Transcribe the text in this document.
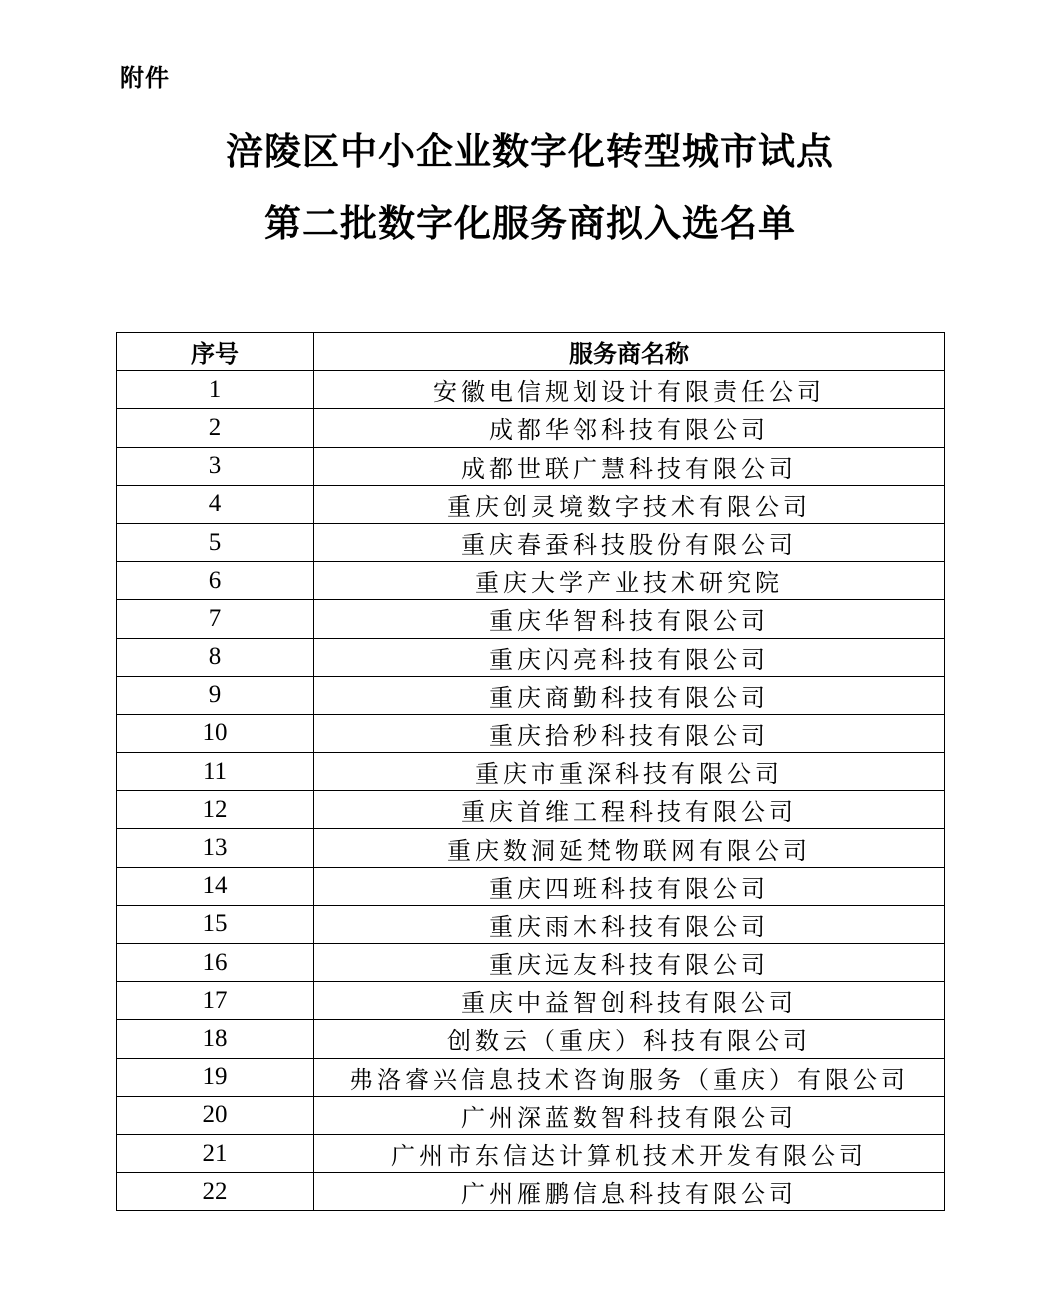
附件
涪陵区中小企业数字化转型城市试点
第二批数字化服务商拟入选名单
序号	服务商名称
1	安徽电信规划设计有限责任公司
2	成都华邻科技有限公司
3	成都世联广慧科技有限公司
4	重庆创灵境数字技术有限公司
5	重庆春蚕科技股份有限公司
6	重庆大学产业技术研究院
7	重庆华智科技有限公司
8	重庆闪亮科技有限公司
9	重庆商勤科技有限公司
10	重庆拾秒科技有限公司
11	重庆市重深科技有限公司
12	重庆首维工程科技有限公司
13	重庆数洞延梵物联网有限公司
14	重庆四班科技有限公司
15	重庆雨木科技有限公司
16	重庆远友科技有限公司
17	重庆中益智创科技有限公司
18	创数云（重庆）科技有限公司
19	弗洛睿兴信息技术咨询服务（重庆）有限公司
20	广州深蓝数智科技有限公司
21	广州市东信达计算机技术开发有限公司
22	广州雁鹏信息科技有限公司
